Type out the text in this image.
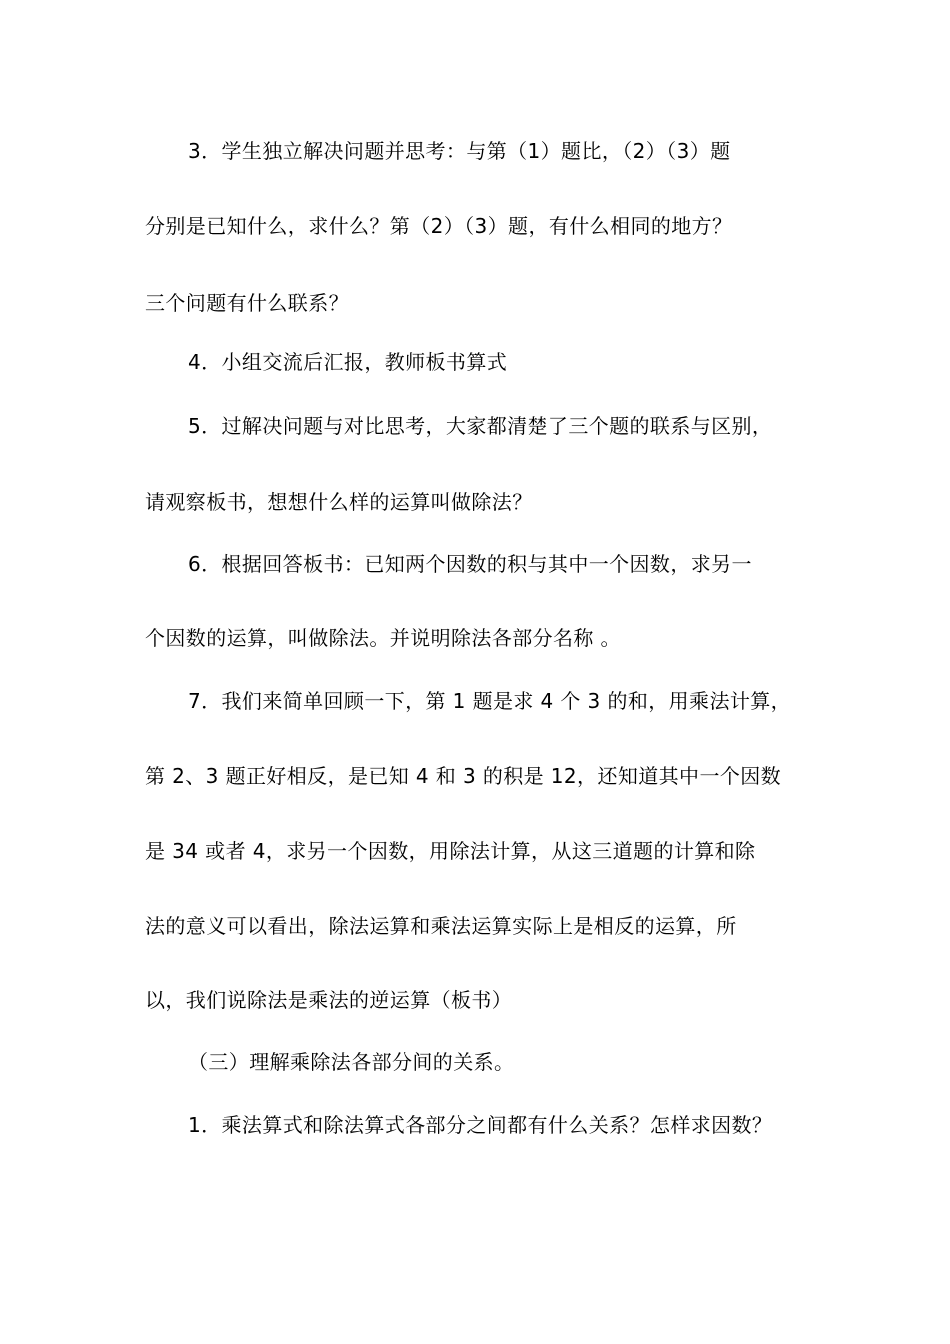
3．学生独立解决问题并思考：与第（1）题比，（2）（3）题
分别是已知什么，求什么？第（2）（3）题，有什么相同的地方？
三个问题有什么联系？
4．小组交流后汇报，教师板书算式
5．过解决问题与对比思考，大家都清楚了三个题的联系与区别，
请观察板书，想想什么样的运算叫做除法？
6．根据回答板书：已知两个因数的积与其中一个因数，求另一
个因数的运算，叫做除法。并说明除法各部分名称 。
7．我们来简单回顾一下，第 1 题是求 4 个 3 的和，用乘法计算，
第 2、3 题正好相反，是已知 4 和 3 的积是 12，还知道其中一个因数
是 34 或者 4，求另一个因数，用除法计算，从这三道题的计算和除
法的意义可以看出，除法运算和乘法运算实际上是相反的运算，所
以，我们说除法是乘法的逆运算（板书）
（三）理解乘除法各部分间的关系。
1．乘法算式和除法算式各部分之间都有什么关系？怎样求因数？
